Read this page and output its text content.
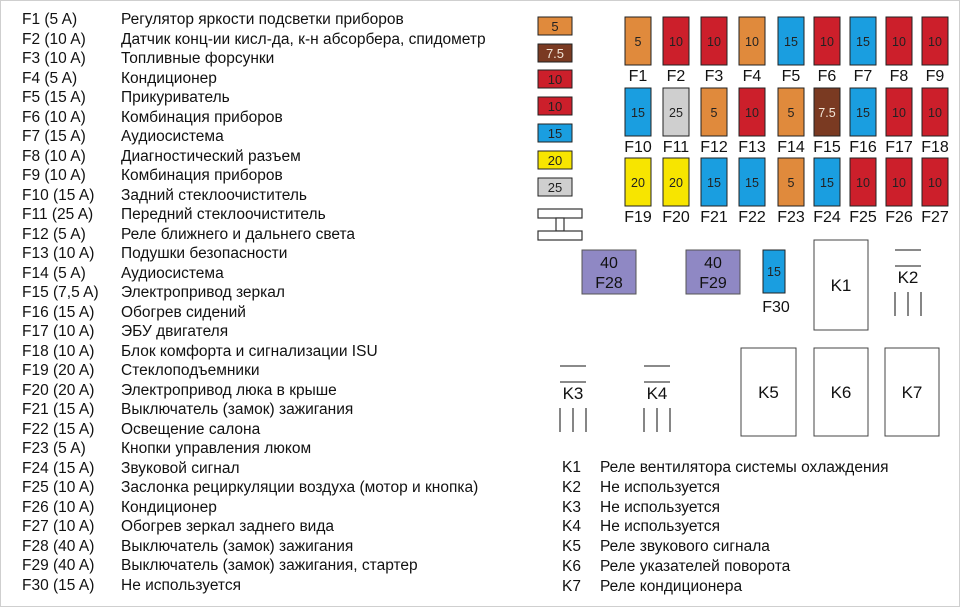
F1 (5 A)	Регулятор яркости подсветки приборов
F2 (10 A)	Датчик конц-ии кисл-да, к-н абсорбера, спидометр
F3 (10 A)	Топливные форсунки
F4 (5 A)	Кондиционер
F5 (15 A)	Прикуриватель
F6 (10 A)	Комбинация приборов
F7 (15 A)	Аудиосистема
F8 (10 A)	Диагностический разъем
F9 (10 A)	Комбинация приборов
F10 (15 A)	Задний стеклоочиститель
F11 (25 A)	Передний стеклоочиститель
F12 (5 A)	Реле ближнего и дальнего света
F13 (10 A)	Подушки безопасности
F14 (5 A)	Аудиосистема
F15 (7,5 A)	Электропривод зеркал
F16 (15 A)	Обогрев сидений
F17 (10 A)	ЭБУ двигателя
F18 (10 A)	Блок комфорта и сигнализации ISU
F19 (20 A)	Стеклоподъемники
F20 (20 A)	Электропривод люка в крыше
F21 (15 A)	Выключатель (замок) зажигания
F22 (15 A)	Освещение салона
F23 (5 A)	Кнопки управления люком
F24 (15 A)	Звуковой сигнал
F25 (10 A)	Заслонка рециркуляции воздуха (мотор и кнопка)
F26 (10 A)	Кондиционер
F27 (10 A)	Обогрев зеркал заднего вида
F28 (40 A)	Выключатель (замок) зажигания
F29 (40 A)	Выключатель (замок) зажигания, стартер
F30 (15 A)	Не используется
K1	Реле вентилятора системы охлаждения
K2	Не используется
K3	Не используется
K4	Не используется
K5	Реле звукового сигнала
K6	Реле указателей поворота
K7	Реле кондиционера
5
7.5
10
10
15
20
25
5
F1
10
F2
10
F3
10
F4
15
F5
10
F6
15
F7
10
F8
10
F9
15
F10
25
F11
5
F12
10
F13
5
F14
7.5
F15
15
F16
10
F17
10
F18
20
F19
20
F20
15
F21
15
F22
5
F23
15
F24
10
F25
10
F26
10
F27
40
F28
40
F29
15
F30
K1
K5	K6	K7
K2
K3	K4
